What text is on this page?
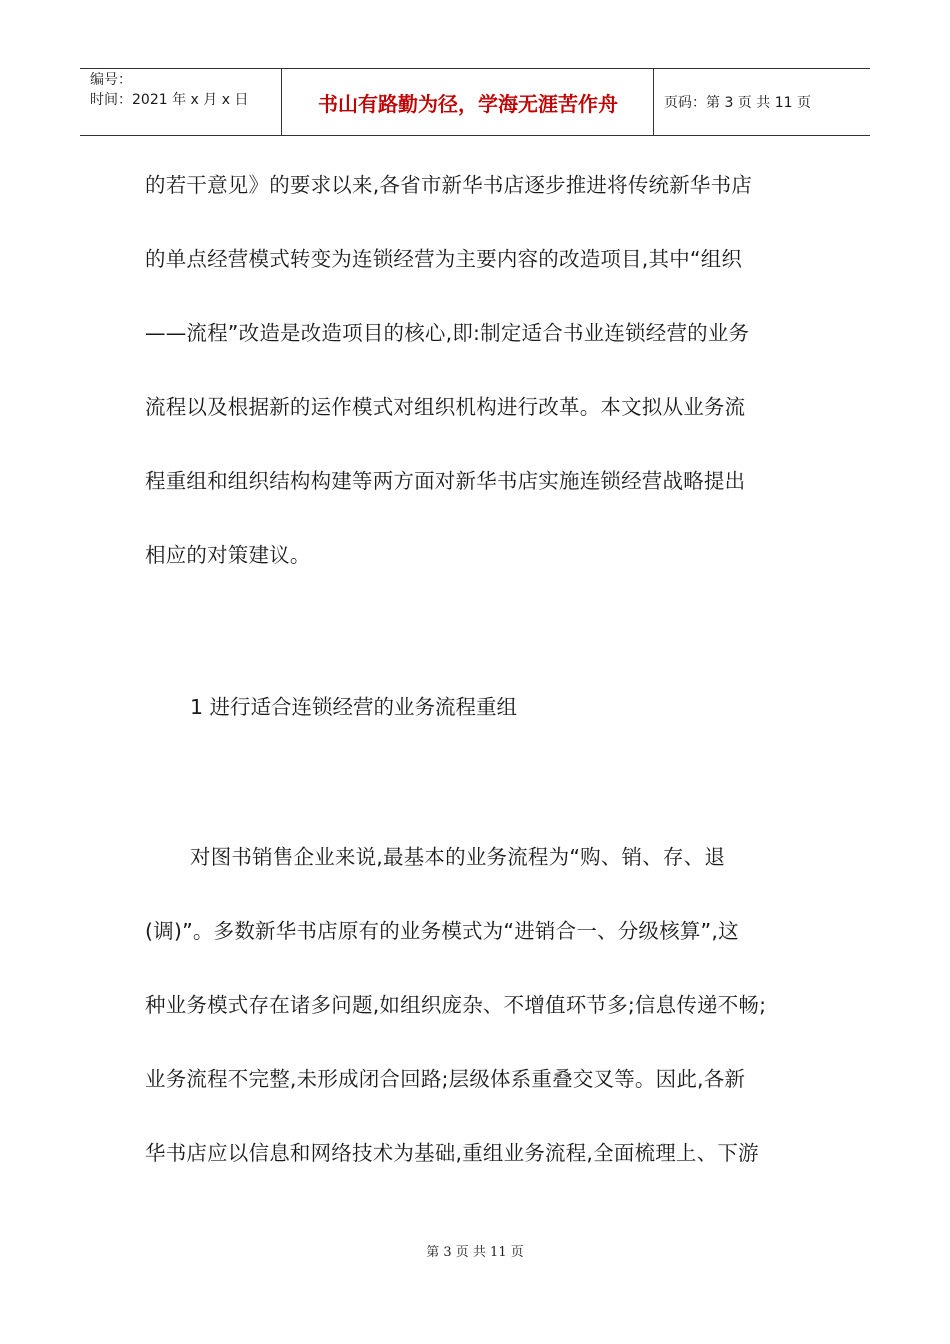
编号：
时间：2021 年 x 月 x 日	书山有路勤为径，学海无涯苦作舟	页码：第 3 页 共 11 页
的若干意见》的要求以来,各省市新华书店逐步推进将传统新华书店
的单点经营模式转变为连锁经营为主要内容的改造项目,其中“组织
——流程”改造是改造项目的核心,即:制定适合书业连锁经营的业务
流程以及根据新的运作模式对组织机构进行改革。本文拟从业务流
程重组和组织结构构建等两方面对新华书店实施连锁经营战略提出
相应的对策建议。
1 进行适合连锁经营的业务流程重组
对图书销售企业来说,最基本的业务流程为“购、销、存、退
(调)”。多数新华书店原有的业务模式为“进销合一、分级核算”,这
种业务模式存在诸多问题,如组织庞杂、不增值环节多;信息传递不畅;
业务流程不完整,未形成闭合回路;层级体系重叠交叉等。因此,各新
华书店应以信息和网络技术为基础,重组业务流程,全面梳理上、下游
第 3 页 共 11 页
